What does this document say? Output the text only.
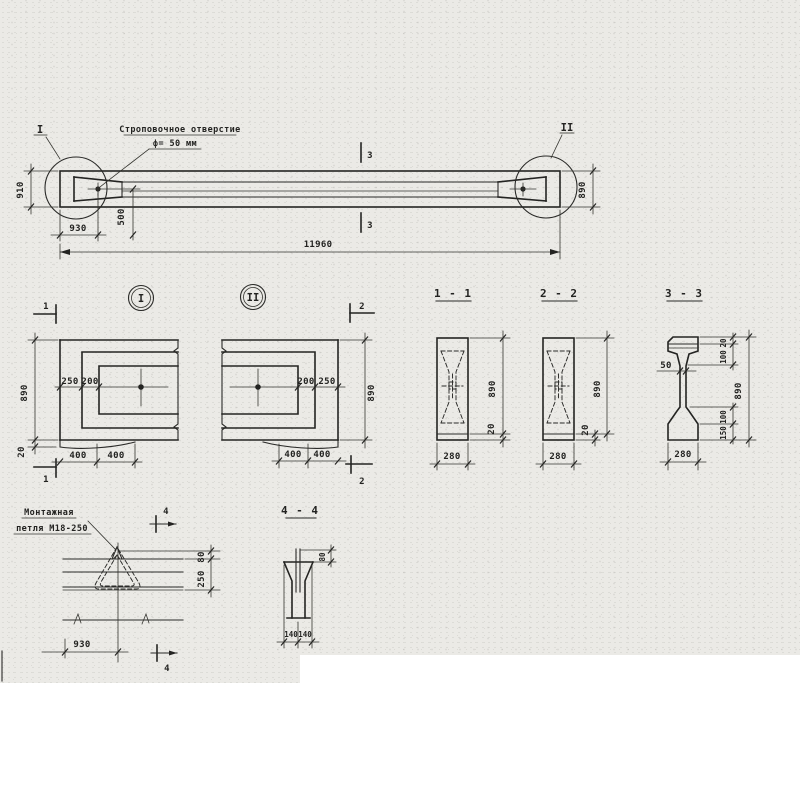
I	II
Строповочное отверстие
ф= 50 мм
3
3
910	890
930
500
11960
I
1
1
250 200
890
20	400 400
II
2
2
200 250
890
400 400
1 - 1
890
20
280
2 - 2
890
20
280
3 - 3
20
100
50
100
150
890
280
Монтажная
петля М18-250
4
4
80
250
930
4 - 4
80
140 140
